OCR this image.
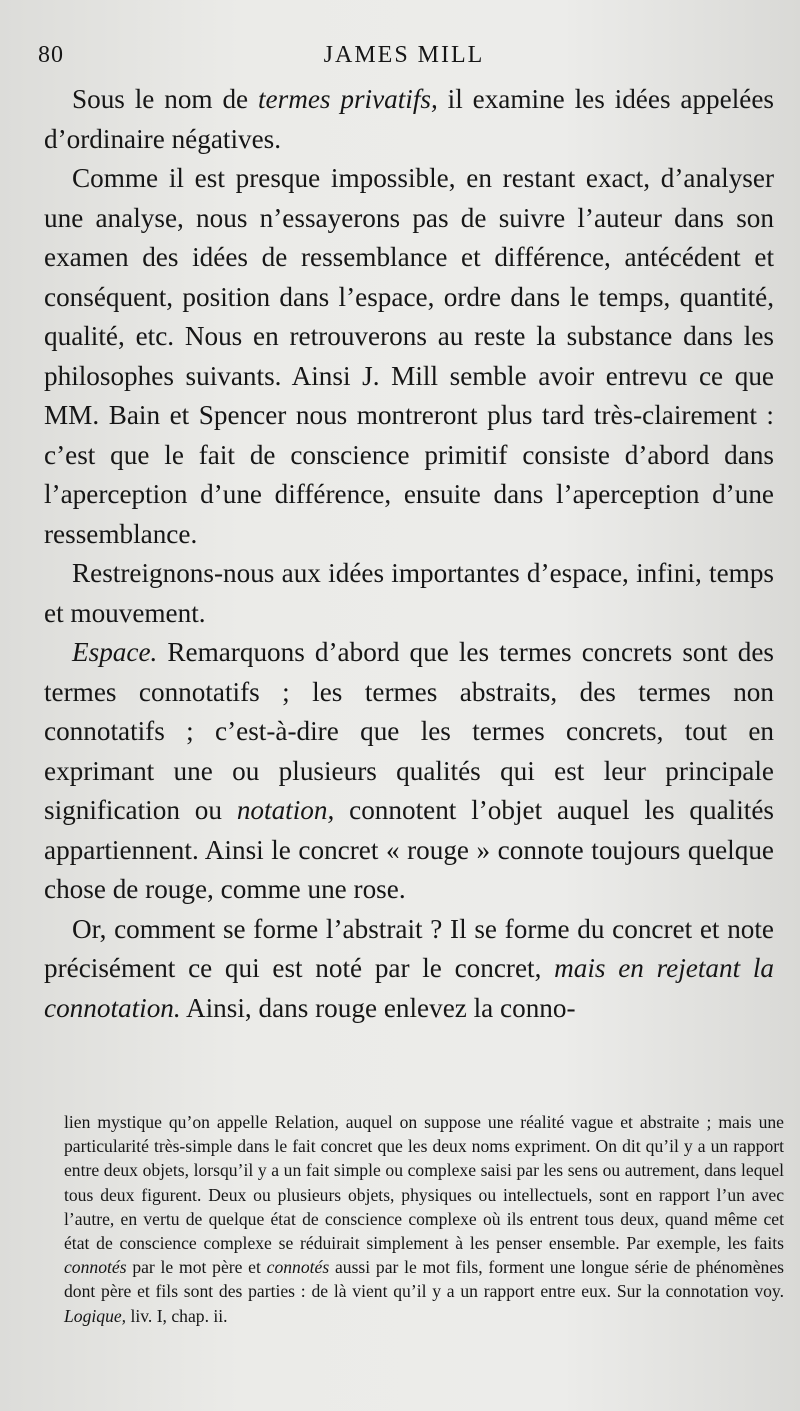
80	JAMES MILL

Sous le nom de termes privatifs, il examine les idées appelées d’ordinaire négatives.

Comme il est presque impossible, en restant exact, d’analyser une analyse, nous n’essayerons pas de suivre l’auteur dans son examen des idées de ressemblance et différence, antécédent et conséquent, position dans l’espace, ordre dans le temps, quantité, qualité, etc. Nous en retrouverons au reste la substance dans les philosophes suivants. Ainsi J. Mill semble avoir entrevu ce que MM. Bain et Spencer nous montreront plus tard très-clairement : c’est que le fait de conscience primitif consiste d’abord dans l’aperception d’une différence, ensuite dans l’aperception d’une ressemblance.

Restreignons-nous aux idées importantes d’espace, infini, temps et mouvement.

Espace. Remarquons d’abord que les termes concrets sont des termes connotatifs ; les termes abstraits, des termes non connotatifs ; c’est-à-dire que les termes concrets, tout en exprimant une ou plusieurs qualités qui est leur principale signification ou notation, connotent l’objet auquel les qualités appartiennent. Ainsi le concret « rouge » connote toujours quelque chose de rouge, comme une rose.

Or, comment se forme l’abstrait ? Il se forme du concret et note précisément ce qui est noté par le concret, mais en rejetant la connotation. Ainsi, dans rouge enlevez la conno-

lien mystique qu’on appelle Relation, auquel on suppose une réalité vague et abstraite ; mais une particularité très-simple dans le fait concret que les deux noms expriment. On dit qu’il y a un rapport entre deux objets, lorsqu’il y a un fait simple ou complexe saisi par les sens ou autrement, dans lequel tous deux figurent. Deux ou plusieurs objets, physiques ou intellectuels, sont en rapport l’un avec l’autre, en vertu de quelque état de conscience complexe où ils entrent tous deux, quand même cet état de conscience complexe se réduirait simplement à les penser ensemble. Par exemple, les faits connotés par le mot père et connotés aussi par le mot fils, forment une longue série de phénomènes dont père et fils sont des parties : de là vient qu’il y a un rapport entre eux. Sur la connotation voy. Logique, liv. I, chap. ii.
